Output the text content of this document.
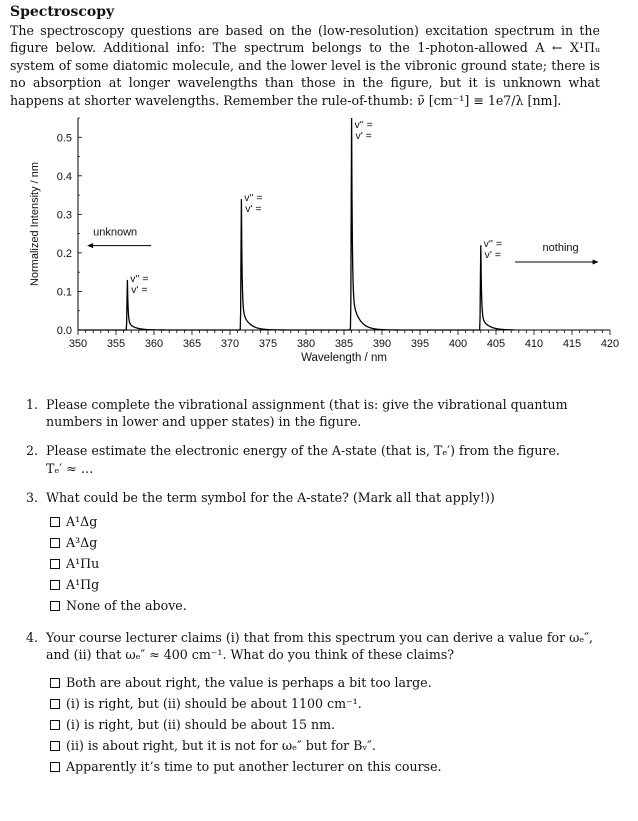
Spectroscopy
The spectroscopy questions are based on the (low-resolution) excitation spectrum in the figure below. Additional info: The spectrum belongs to the 1-photon-allowed A ← X¹Πᵤ system of some diatomic molecule, and the lower level is the vibronic ground state; there is no absorption at longer wavelengths than those in the figure, but it is unknown what happens at shorter wavelengths. Remember the rule-of-thumb: ν̃ [cm⁻¹] ≡ 1e7/λ [nm].
350 355 360 365 370 375 380 385 390 395 400 405 410 415 420
0.0
0.1
0.2
0.3
0.4
0.5
Wavelength / nm
Normalized Intensity / nm	v'' =
v' =
v'' =
v' =
v'' =
v' =
v'' =
v' =
unknown
nothing
1. Please complete the vibrational assignment (that is: give the vibrational quantum numbers in lower and upper states) in the figure.
2. Please estimate the electronic energy of the A-state (that is, Tₑ′) from the figure.
Tₑ′ ≈ …
3. What could be the term symbol for the A-state? (Mark all that apply!))
A¹Δg
A³Δg
A¹Πu
A¹Πg
None of the above.
4. Your course lecturer claims (i) that from this spectrum you can derive a value for ωₑ″, and (ii) that ωₑ″ ≈ 400 cm⁻¹. What do you think of these claims?
Both are about right, the value is perhaps a bit too large.
(i) is right, but (ii) should be about 1100 cm⁻¹.
(i) is right, but (ii) should be about 15 nm.
(ii) is about right, but it is not for ωₑ″ but for Bᵥ″.
Apparently it’s time to put another lecturer on this course.
